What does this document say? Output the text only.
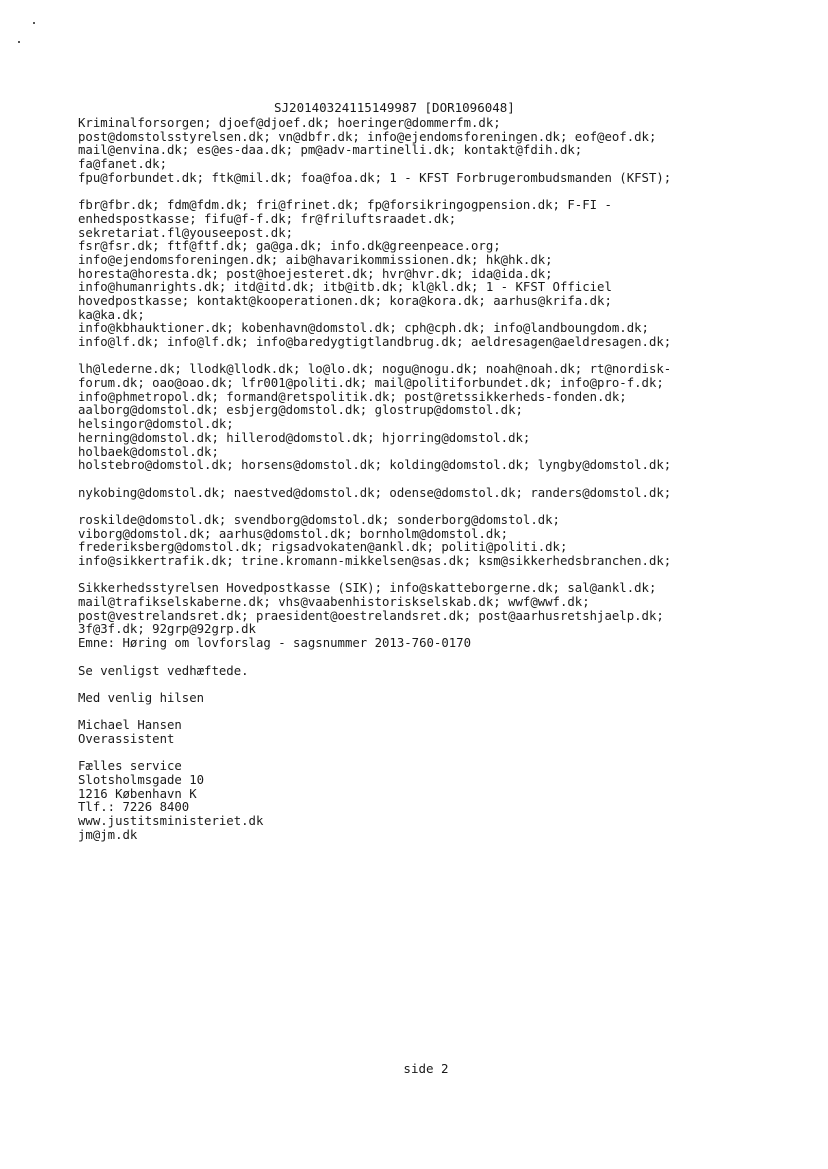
SJ20140324115149987 [DOR1096048]
Kriminalforsorgen; djoef@djoef.dk; hoeringer@dommerfm.dk;
post@domstolsstyrelsen.dk; vn@dbfr.dk; info@ejendomsforeningen.dk; eof@eof.dk;
mail@envina.dk; es@es-daa.dk; pm@adv-martinelli.dk; kontakt@fdih.dk;
fa@fanet.dk;
fpu@forbundet.dk; ftk@mil.dk; foa@foa.dk; 1 - KFST Forbrugerombudsmanden (KFST);
fbr@fbr.dk; fdm@fdm.dk; fri@frinet.dk; fp@forsikringogpension.dk; F-FI -
enhedspostkasse; fifu@f-f.dk; fr@friluftsraadet.dk;
sekretariat.fl@youseepost.dk;
fsr@fsr.dk; ftf@ftf.dk; ga@ga.dk; info.dk@greenpeace.org;
info@ejendomsforeningen.dk; aib@havarikommissionen.dk; hk@hk.dk;
horesta@horesta.dk; post@hoejesteret.dk; hvr@hvr.dk; ida@ida.dk;
info@humanrights.dk; itd@itd.dk; itb@itb.dk; kl@kl.dk; 1 - KFST Officiel
hovedpostkasse; kontakt@kooperationen.dk; kora@kora.dk; aarhus@krifa.dk;
ka@ka.dk;
info@kbhauktioner.dk; kobenhavn@domstol.dk; cph@cph.dk; info@landboungdom.dk;
info@lf.dk; info@lf.dk; info@baredygtigtlandbrug.dk; aeldresagen@aeldresagen.dk;
lh@lederne.dk; llodk@llodk.dk; lo@lo.dk; nogu@nogu.dk; noah@noah.dk; rt@nordisk-
forum.dk; oao@oao.dk; lfr001@politi.dk; mail@politiforbundet.dk; info@pro-f.dk;
info@phmetropol.dk; formand@retspolitik.dk; post@retssikkerheds-fonden.dk;
aalborg@domstol.dk; esbjerg@domstol.dk; glostrup@domstol.dk;
helsingor@domstol.dk;
herning@domstol.dk; hillerod@domstol.dk; hjorring@domstol.dk;
holbaek@domstol.dk;
holstebro@domstol.dk; horsens@domstol.dk; kolding@domstol.dk; lyngby@domstol.dk;
nykobing@domstol.dk; naestved@domstol.dk; odense@domstol.dk; randers@domstol.dk;
roskilde@domstol.dk; svendborg@domstol.dk; sonderborg@domstol.dk;
viborg@domstol.dk; aarhus@domstol.dk; bornholm@domstol.dk;
frederiksberg@domstol.dk; rigsadvokaten@ankl.dk; politi@politi.dk;
info@sikkertrafik.dk; trine.kromann-mikkelsen@sas.dk; ksm@sikkerhedsbranchen.dk;
Sikkerhedsstyrelsen Hovedpostkasse (SIK); info@skatteborgerne.dk; sal@ankl.dk;
mail@trafikselskaberne.dk; vhs@vaabenhistoriskselskab.dk; wwf@wwf.dk;
post@vestrelandsret.dk; praesident@oestrelandsret.dk; post@aarhusretshjaelp.dk;
3f@3f.dk; 92grp@92grp.dk
Emne: Høring om lovforslag - sagsnummer 2013-760-0170
Se venligst vedhæftede.
Med venlig hilsen
Michael Hansen
Overassistent
Fælles service
Slotsholmsgade 10
1216 København K
Tlf.: 7226 8400
www.justitsministeriet.dk
jm@jm.dk
side 2
